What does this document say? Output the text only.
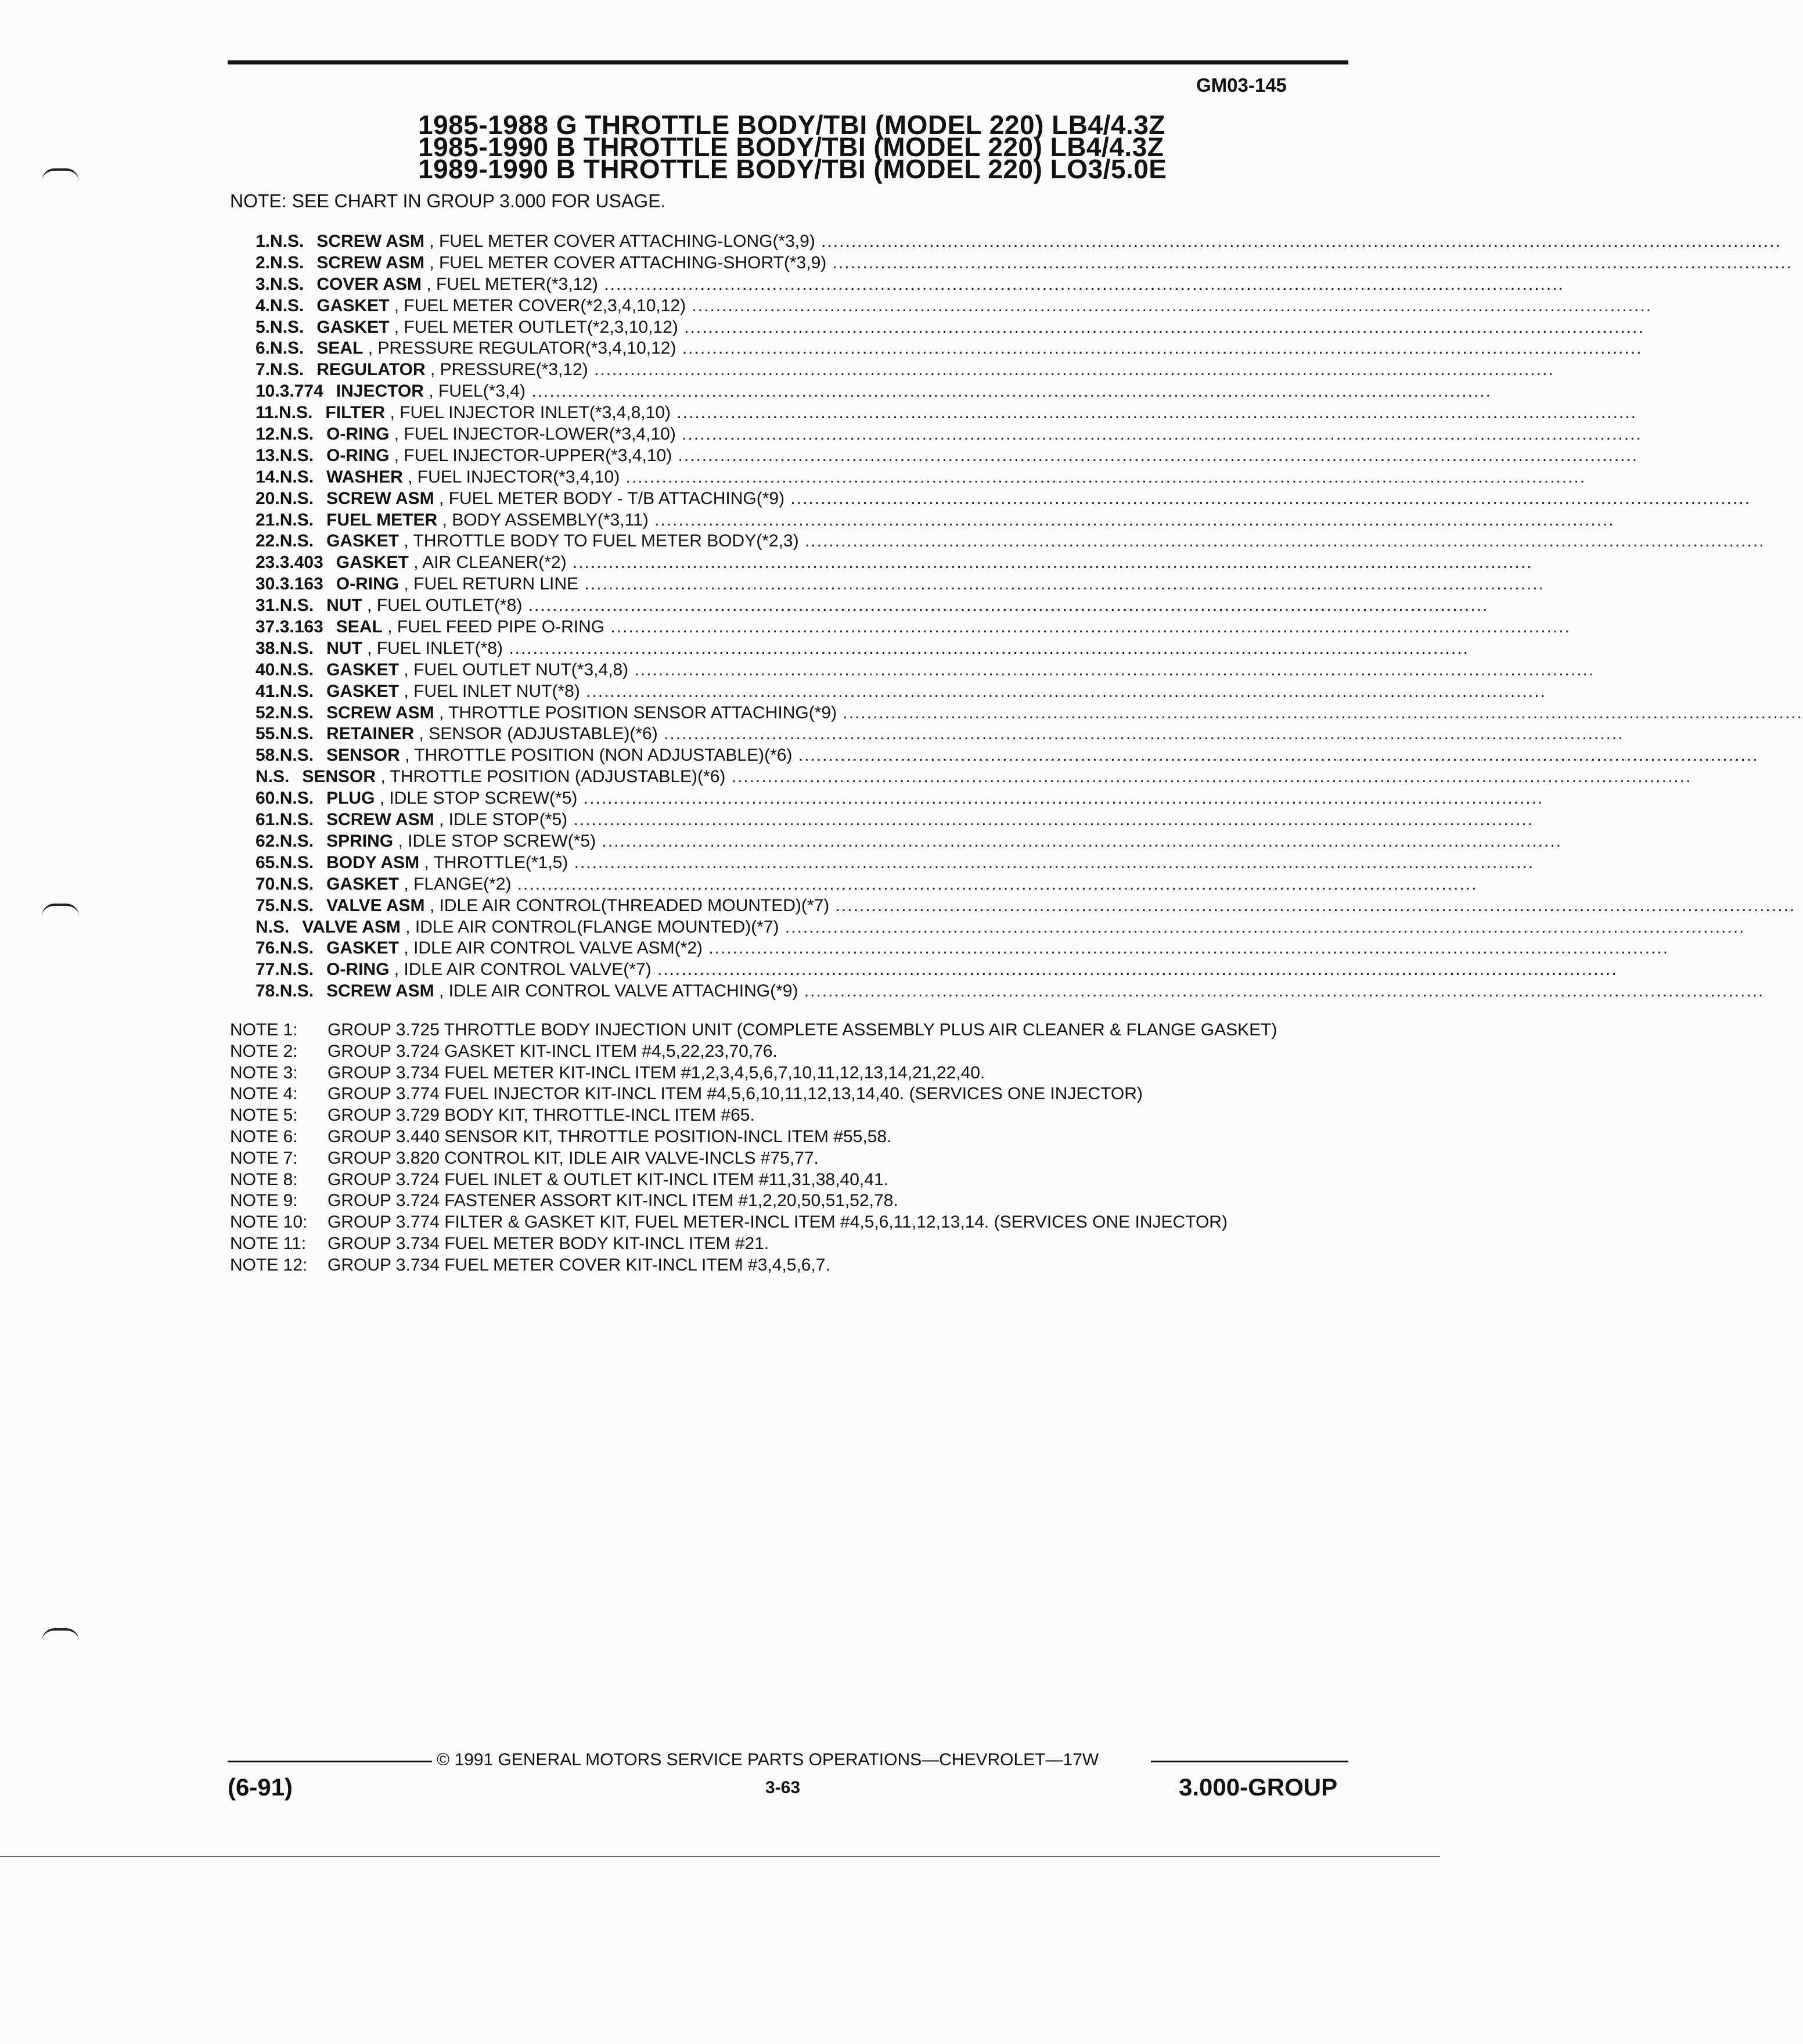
GM03-145
1985-1988 G THROTTLE BODY/TBI (MODEL 220) LB4/4.3Z
1985-1990 B THROTTLE BODY/TBI (MODEL 220) LB4/4.3Z
1989-1990 B THROTTLE BODY/TBI (MODEL 220) LO3/5.0E
NOTE: SEE CHART IN GROUP 3.000 FOR USAGE.
1. N.S. SCREW ASM , FUEL METER COVER ATTACHING-LONG(*3,9) ................................................................................................................................................................
2. N.S. SCREW ASM , FUEL METER COVER ATTACHING-SHORT(*3,9) ................................................................................................................................................................
3. N.S. COVER ASM , FUEL METER(*3,12) ................................................................................................................................................................
4. N.S. GASKET , FUEL METER COVER(*2,3,4,10,12) ................................................................................................................................................................
5. N.S. GASKET , FUEL METER OUTLET(*2,3,10,12) ................................................................................................................................................................
6. N.S. SEAL , PRESSURE REGULATOR(*3,4,10,12) ................................................................................................................................................................
7. N.S. REGULATOR , PRESSURE(*3,12) ................................................................................................................................................................
10. 3.774 INJECTOR , FUEL(*3,4) ................................................................................................................................................................
11. N.S. FILTER , FUEL INJECTOR INLET(*3,4,8,10) ................................................................................................................................................................
12. N.S. O-RING , FUEL INJECTOR-LOWER(*3,4,10) ................................................................................................................................................................
13. N.S. O-RING , FUEL INJECTOR-UPPER(*3,4,10) ................................................................................................................................................................
14. N.S. WASHER , FUEL INJECTOR(*3,4,10) ................................................................................................................................................................
20. N.S. SCREW ASM , FUEL METER BODY - T/B ATTACHING(*9) ................................................................................................................................................................
21. N.S. FUEL METER , BODY ASSEMBLY(*3,11) ................................................................................................................................................................
22. N.S. GASKET , THROTTLE BODY TO FUEL METER BODY(*2,3) ................................................................................................................................................................
23. 3.403 GASKET , AIR CLEANER(*2) ................................................................................................................................................................
30. 3.163 O-RING , FUEL RETURN LINE ................................................................................................................................................................
31. N.S. NUT , FUEL OUTLET(*8) ................................................................................................................................................................
37. 3.163 SEAL , FUEL FEED PIPE O-RING ................................................................................................................................................................
38. N.S. NUT , FUEL INLET(*8) ................................................................................................................................................................
40. N.S. GASKET , FUEL OUTLET NUT(*3,4,8) ................................................................................................................................................................
41. N.S. GASKET , FUEL INLET NUT(*8) ................................................................................................................................................................
52. N.S. SCREW ASM , THROTTLE POSITION SENSOR ATTACHING(*9) ................................................................................................................................................................
55. N.S. RETAINER , SENSOR (ADJUSTABLE)(*6) ................................................................................................................................................................
58. N.S. SENSOR , THROTTLE POSITION (NON ADJUSTABLE)(*6) ................................................................................................................................................................
N.S. SENSOR , THROTTLE POSITION (ADJUSTABLE)(*6) ................................................................................................................................................................
60. N.S. PLUG , IDLE STOP SCREW(*5) ................................................................................................................................................................
61. N.S. SCREW ASM , IDLE STOP(*5) ................................................................................................................................................................
62. N.S. SPRING , IDLE STOP SCREW(*5) ................................................................................................................................................................
65. N.S. BODY ASM , THROTTLE(*1,5) ................................................................................................................................................................
70. N.S. GASKET , FLANGE(*2) ................................................................................................................................................................
75. N.S. VALVE ASM , IDLE AIR CONTROL(THREADED MOUNTED)(*7) ................................................................................................................................................................
N.S. VALVE ASM , IDLE AIR CONTROL(FLANGE MOUNTED)(*7) ................................................................................................................................................................
76. N.S. GASKET , IDLE AIR CONTROL VALVE ASM(*2) ................................................................................................................................................................
77. N.S. O-RING , IDLE AIR CONTROL VALVE(*7) ................................................................................................................................................................
78. N.S. SCREW ASM , IDLE AIR CONTROL VALVE ATTACHING(*9) ................................................................................................................................................................
NOTE 1:	GROUP 3.725 THROTTLE BODY INJECTION UNIT (COMPLETE ASSEMBLY PLUS AIR CLEANER & FLANGE GASKET)
NOTE 2:	GROUP 3.724 GASKET KIT-INCL ITEM #4,5,22,23,70,76.
NOTE 3:	GROUP 3.734 FUEL METER KIT-INCL ITEM #1,2,3,4,5,6,7,10,11,12,13,14,21,22,40.
NOTE 4:	GROUP 3.774 FUEL INJECTOR KIT-INCL ITEM #4,5,6,10,11,12,13,14,40. (SERVICES ONE INJECTOR)
NOTE 5:	GROUP 3.729 BODY KIT, THROTTLE-INCL ITEM #65.
NOTE 6:	GROUP 3.440 SENSOR KIT, THROTTLE POSITION-INCL ITEM #55,58.
NOTE 7:	GROUP 3.820 CONTROL KIT, IDLE AIR VALVE-INCLS #75,77.
NOTE 8:	GROUP 3.724 FUEL INLET & OUTLET KIT-INCL ITEM #11,31,38,40,41.
NOTE 9:	GROUP 3.724 FASTENER ASSORT KIT-INCL ITEM #1,2,20,50,51,52,78.
NOTE 10:	GROUP 3.774 FILTER & GASKET KIT, FUEL METER-INCL ITEM #4,5,6,11,12,13,14. (SERVICES ONE INJECTOR)
NOTE 11:	GROUP 3.734 FUEL METER BODY KIT-INCL ITEM #21.
NOTE 12:	GROUP 3.734 FUEL METER COVER KIT-INCL ITEM #3,4,5,6,7.
© 1991 GENERAL MOTORS SERVICE PARTS OPERATIONS—CHEVROLET—17W
(6-91)	3-63	3.000-GROUP
